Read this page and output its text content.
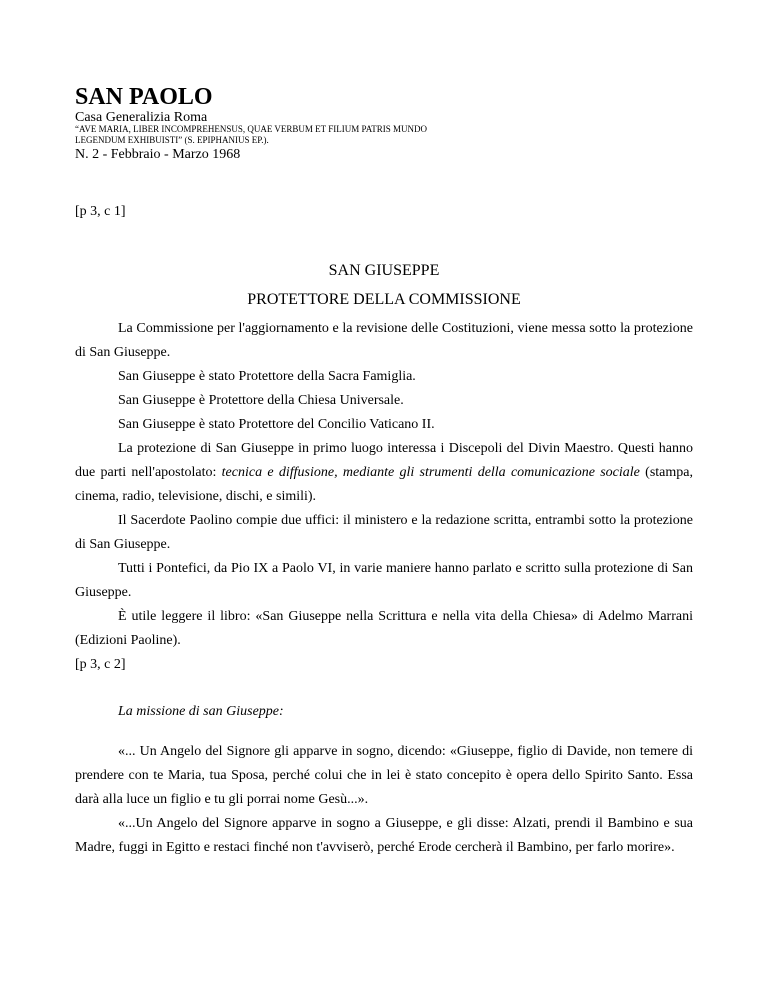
SAN PAOLO
Casa Generalizia Roma
“AVE MARIA, LIBER INCOMPREHENSUS, QUAE VERBUM ET FILIUM PATRIS MUNDO LEGENDUM EXHIBUISTI” (S. EPIPHANIUS EP.).
N. 2 - Febbraio - Marzo 1968
[p 3, c 1]
SAN GIUSEPPE
PROTETTORE DELLA COMMISSIONE

La Commissione per l'aggiornamento e la revisione delle Costituzioni, viene messa sotto la protezione di San Giuseppe.

San Giuseppe è stato Protettore della Sacra Famiglia.

San Giuseppe è Protettore della Chiesa Universale.

San Giuseppe è stato Protettore del Concilio Vaticano II.

La protezione di San Giuseppe in primo luogo interessa i Discepoli del Divin Maestro. Questi hanno due parti nell'apostolato: tecnica e diffusione, mediante gli strumenti della comunicazione sociale (stampa, cinema, radio, televisione, dischi, e simili).

Il Sacerdote Paolino compie due uffici: il ministero e la redazione scritta, entrambi sotto la protezione di San Giuseppe.

Tutti i Pontefici, da Pio IX a Paolo VI, in varie maniere hanno parlato e scritto sulla protezione di San Giuseppe.

È utile leggere il libro: «San Giuseppe nella Scrittura e nella vita della Chiesa» di Adelmo Marrani (Edizioni Paoline).

[p 3, c 2]
La missione di san Giuseppe:

«... Un Angelo del Signore gli apparve in sogno, dicendo: «Giuseppe, figlio di Davide, non temere di prendere con te Maria, tua Sposa, perché colui che in lei è stato concepito è opera dello Spirito Santo. Essa darà alla luce un figlio e tu gli porrai nome Gesù...».

«...Un Angelo del Signore apparve in sogno a Giuseppe, e gli disse: Alzati, prendi il Bambino e sua Madre, fuggi in Egitto e restaci finché non t'avviserò, perché Erode cercherà il Bambino, per farlo morire».
